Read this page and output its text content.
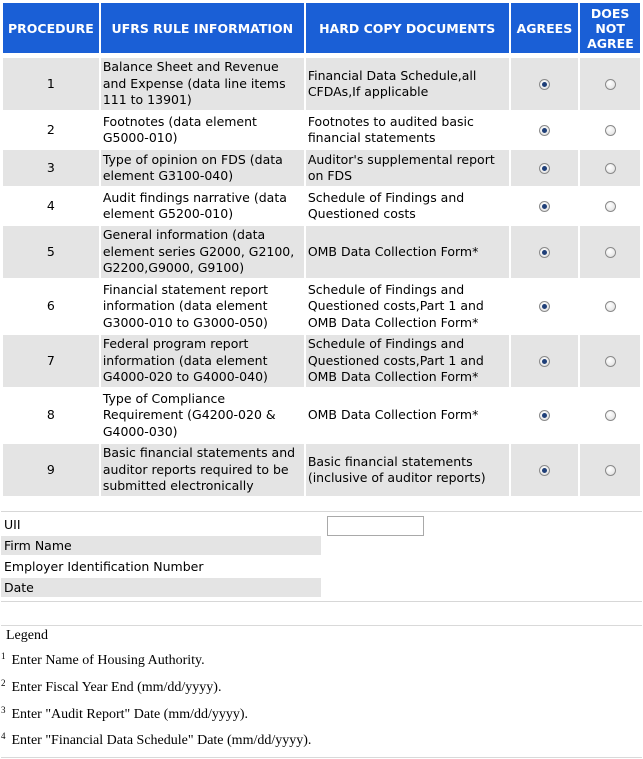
PROCEDURE	UFRS RULE INFORMATION	HARD COPY DOCUMENTS	AGREES	DOES NOT AGREE

1	Balance Sheet and Revenue and Expense (data line items 111 to 13901)	Financial Data Schedule,all CFDAs,If applicable		
2	Footnotes (data element G5000-010)	Footnotes to audited basic financial statements		
3	Type of opinion on FDS (data element G3100-040)	Auditor's supplemental report on FDS		
4	Audit findings narrative (data element G5200-010)	Schedule of Findings and Questioned costs		
5	General information (data element series G2000, G2100, G2200,G9000, G9100)	OMB Data Collection Form*		
6	Financial statement report information (data element G3000-010 to G3000-050)	Schedule of Findings and Questioned costs,Part 1 and OMB Data Collection Form*		
7	Federal program report information (data element G4000-020 to G4000-040)	Schedule of Findings and Questioned costs,Part 1 and OMB Data Collection Form*		
8	Type of Compliance Requirement (G4200-020 & G4000-030)	OMB Data Collection Form*		
9	Basic financial statements and auditor reports required to be submitted electronically	Basic financial statements (inclusive of auditor reports)		
UII
Firm Name
Employer Identification Number
Date
Legend
$^1$ Enter Name of Housing Authority.
$^2$ Enter Fiscal Year End (mm/dd/yyyy).
$^3$ Enter "Audit Report" Date (mm/dd/yyyy).
$^4$ Enter "Financial Data Schedule" Date (mm/dd/yyyy).
